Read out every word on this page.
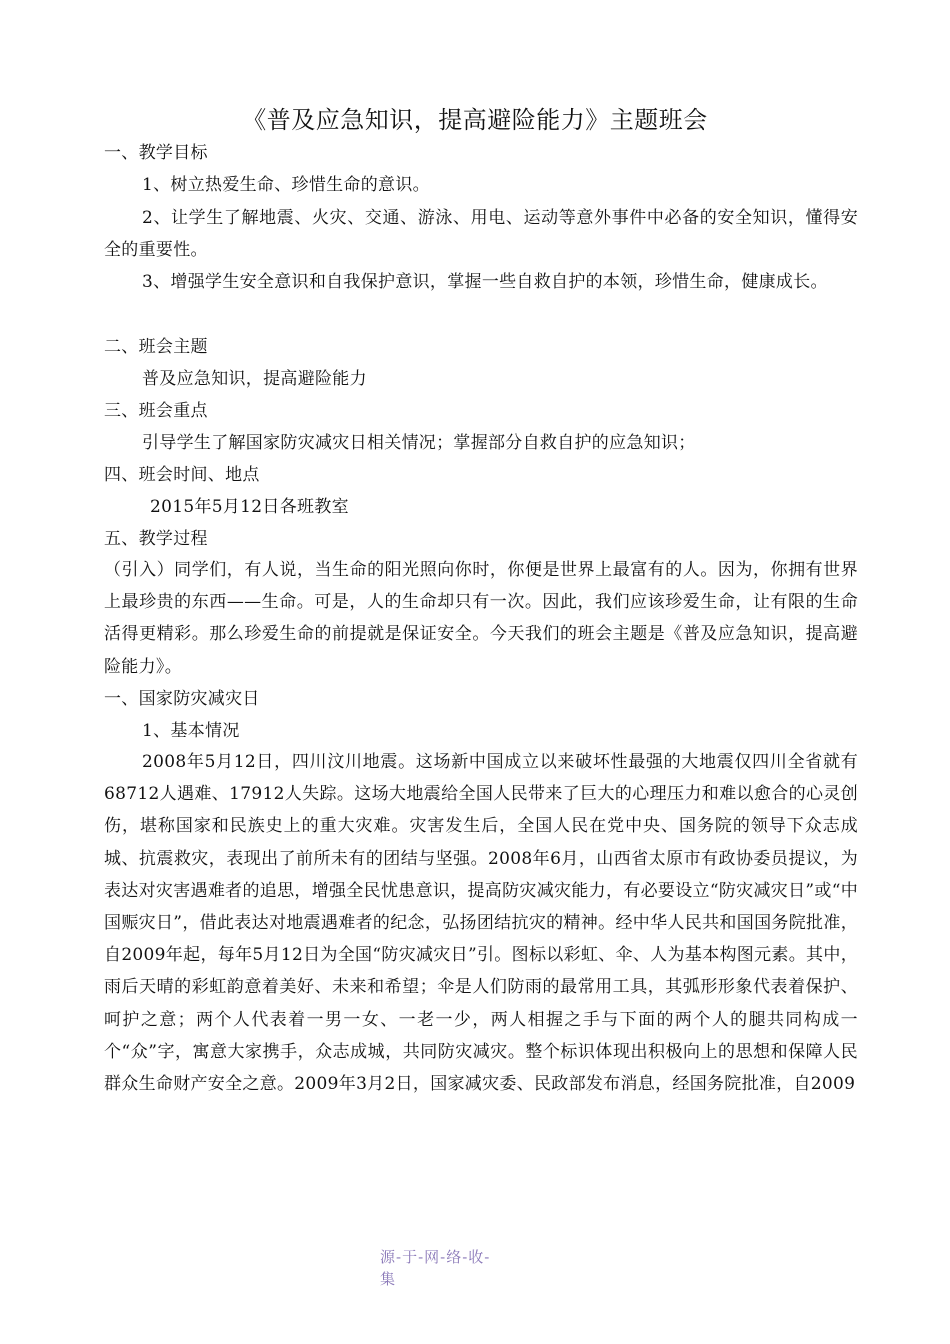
《普及应急知识，提高避险能力》主题班会
一、教学目标
1、树立热爱生命、珍惜生命的意识。
2、让学生了解地震、火灾、交通、游泳、用电、运动等意外事件中必备的安全知识，懂得安全的重要性。
3、增强学生安全意识和自我保护意识，掌握一些自救自护的本领，珍惜生命，健康成长。
二、班会主题
普及应急知识，提高避险能力
三、班会重点
引导学生了解国家防灾减灾日相关情况；掌握部分自救自护的应急知识；
四、班会时间、地点
2015年5月12日各班教室
五、教学过程
（引入）同学们，有人说，当生命的阳光照向你时，你便是世界上最富有的人。因为，你拥有世界上最珍贵的东西——生命。可是，人的生命却只有一次。因此，我们应该珍爱生命，让有限的生命活得更精彩。那么珍爱生命的前提就是保证安全。今天我们的班会主题是《普及应急知识，提高避险能力》。
一、国家防灾减灾日
1、基本情况
2008年5月12日，四川汶川地震。这场新中国成立以来破坏性最强的大地震仅四川全省就有68712人遇难、17912人失踪。这场大地震给全国人民带来了巨大的心理压力和难以愈合的心灵创伤，堪称国家和民族史上的重大灾难。灾害发生后，全国人民在党中央、国务院的领导下众志成城、抗震救灾，表现出了前所未有的团结与坚强。2008年6月，山西省太原市有政协委员提议，为表达对灾害遇难者的追思，增强全民忧患意识，提高防灾减灾能力，有必要设立“防灾减灾日”或“中国赈灾日”，借此表达对地震遇难者的纪念，弘扬团结抗灾的精神。经中华人民共和国国务院批准，自2009年起，每年5月12日为全国“防灾减灾日”引。图标以彩虹、伞、人为基本构图元素。其中，雨后天晴的彩虹韵意着美好、未来和希望；伞是人们防雨的最常用工具，其弧形形象代表着保护、呵护之意；两个人代表着一男一女、一老一少，两人相握之手与下面的两个人的腿共同构成一个“众”字，寓意大家携手，众志成城，共同防灾减灾。整个标识体现出积极向上的思想和保障人民群众生命财产安全之意。2009年3月2日，国家减灾委、民政部发布消息，经国务院批准，自2009
源-于-网-络-收-
集
